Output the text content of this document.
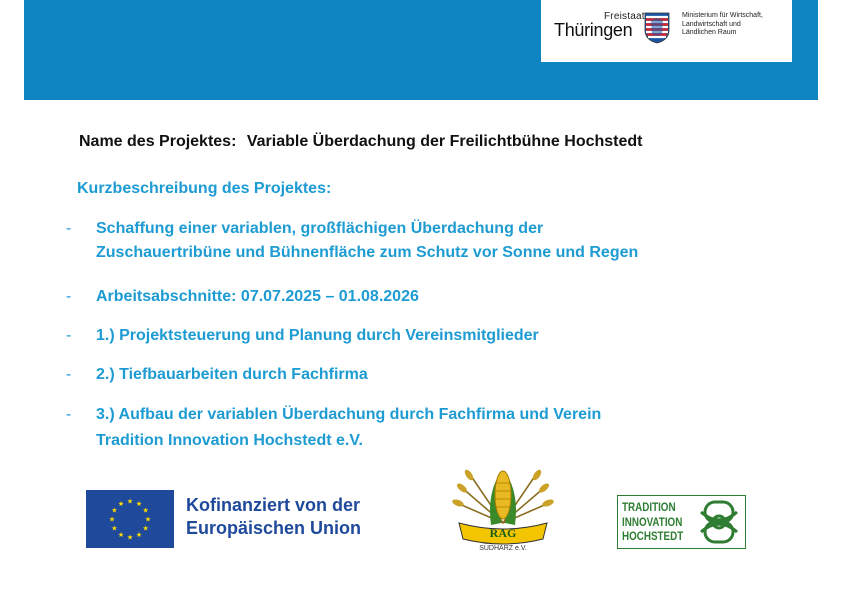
Freistaat
Thüringen
Ministerium für Wirtschaft,
Landwirtschaft und
Ländlichen Raum
Name des Projektes: Variable Überdachung der Freilichtbühne Hochstedt
Kurzbeschreibung des Projektes:
- Schaffung einer variablen, großflächigen Überdachung der
Zuschauertribüne und Bühnenfläche zum Schutz vor Sonne und Regen
- Arbeitsabschnitte: 07.07.2025 – 01.08.2026
- 1.) Projektsteuerung und Planung durch Vereinsmitglieder
- 2.) Tiefbauarbeiten durch Fachfirma
- 3.) Aufbau der variablen Überdachung durch Fachfirma und Verein
Tradition Innovation Hochstedt e.V.
★ ★
★
★
★
★
★
★
★
★
★
★	Kofinanziert von der
Europäischen Union	RAG
SÜDHARZ e.V.
TRADITION
INNOVATION
HOCHSTEDT
